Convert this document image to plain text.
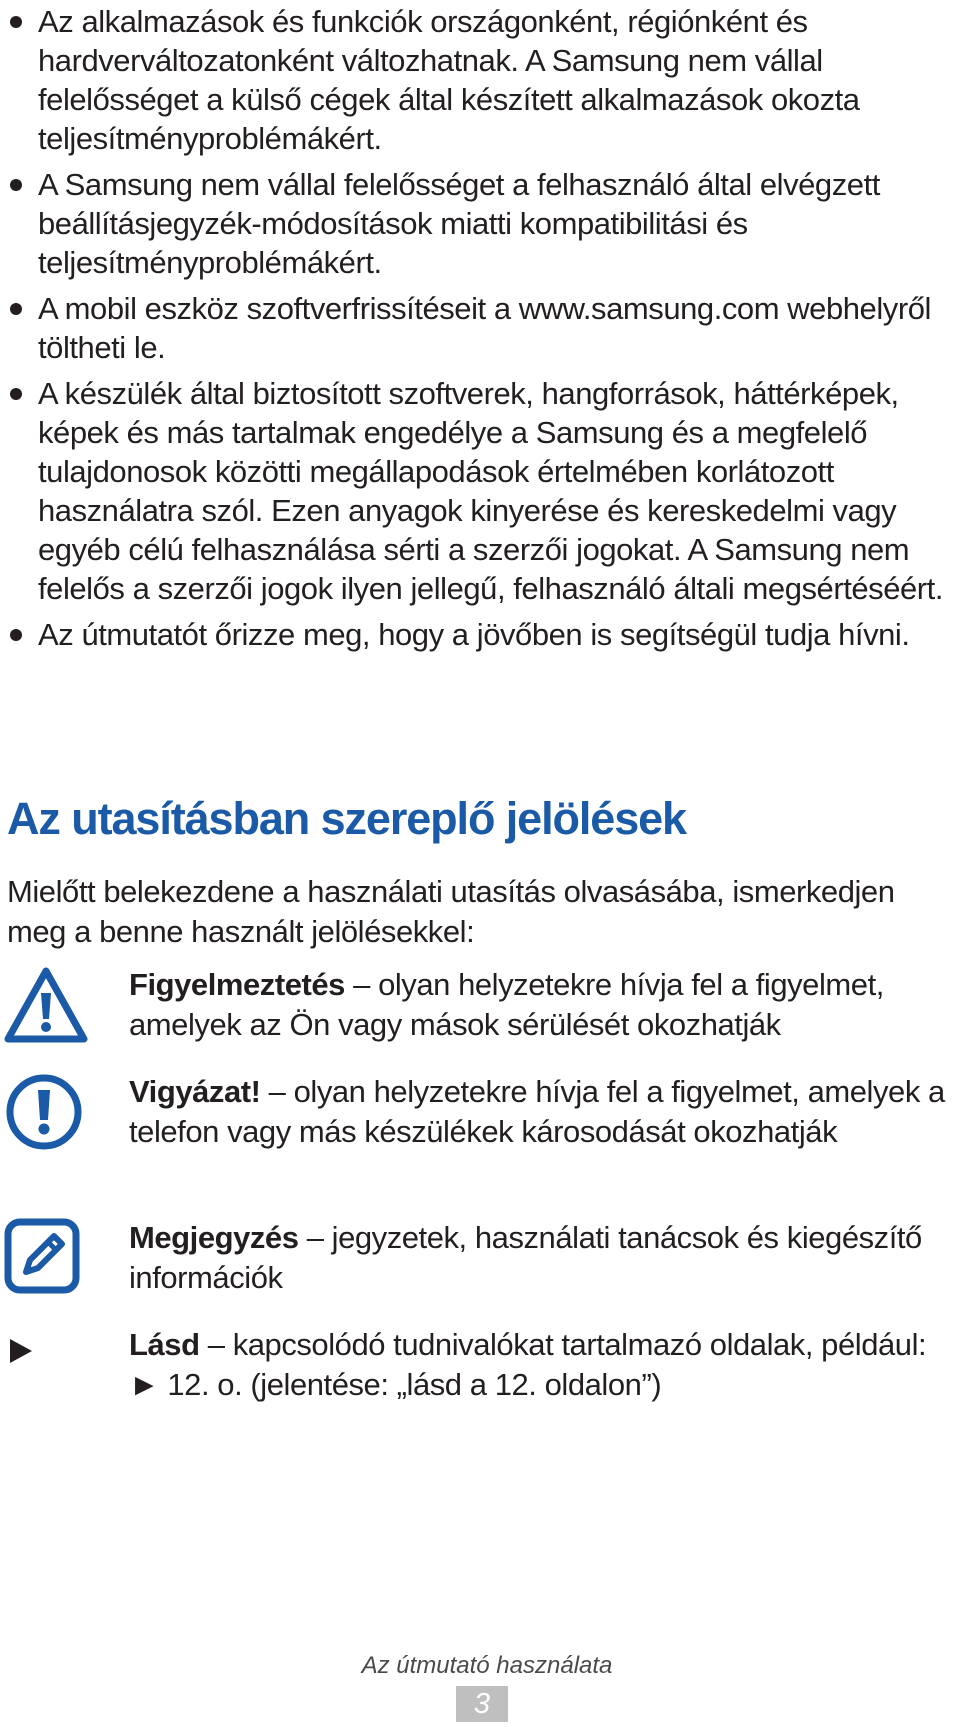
Az alkalmazások és funkciók országonként, régiónként és hardverváltozatonként változhatnak. A Samsung nem vállal felelősséget a külső cégek által készített alkalmazások okozta teljesítményproblémákért.
A Samsung nem vállal felelősséget a felhasználó által elvégzett beállításjegyzék-módosítások miatti kompatibilitási és teljesítményproblémákért.
A mobil eszköz szoftverfrissítéseit a www.samsung.com webhelyről töltheti le.
A készülék által biztosított szoftverek, hangforrások, háttérképek, képek és más tartalmak engedélye a Samsung és a megfelelő tulajdonosok közötti megállapodások értelmében korlátozott használatra szól. Ezen anyagok kinyerése és kereskedelmi vagy egyéb célú felhasználása sérti a szerzői jogokat. A Samsung nem felelős a szerzői jogok ilyen jellegű, felhasználó általi megsértéséért.
Az útmutatót őrizze meg, hogy a jövőben is segítségül tudja hívni.
Az utasításban szereplő jelölések

Mielőtt belekezdene a használati utasítás olvasásába, ismerkedjen meg a benne használt jelölésekkel:

Figyelmeztetés – olyan helyzetekre hívja fel a figyelmet, amelyek az Ön vagy mások sérülését okozhatják

Vigyázat! – olyan helyzetekre hívja fel a figyelmet, amelyek a telefon vagy más készülékek károsodását okozhatják

Megjegyzés – jegyzetek, használati tanácsok és kiegészítő információk

Lásd – kapcsolódó tudnivalókat tartalmazó oldalak, például: ► 12. o. (jelentése: „lásd a 12. oldalon”)

Az útmutató használata
3
